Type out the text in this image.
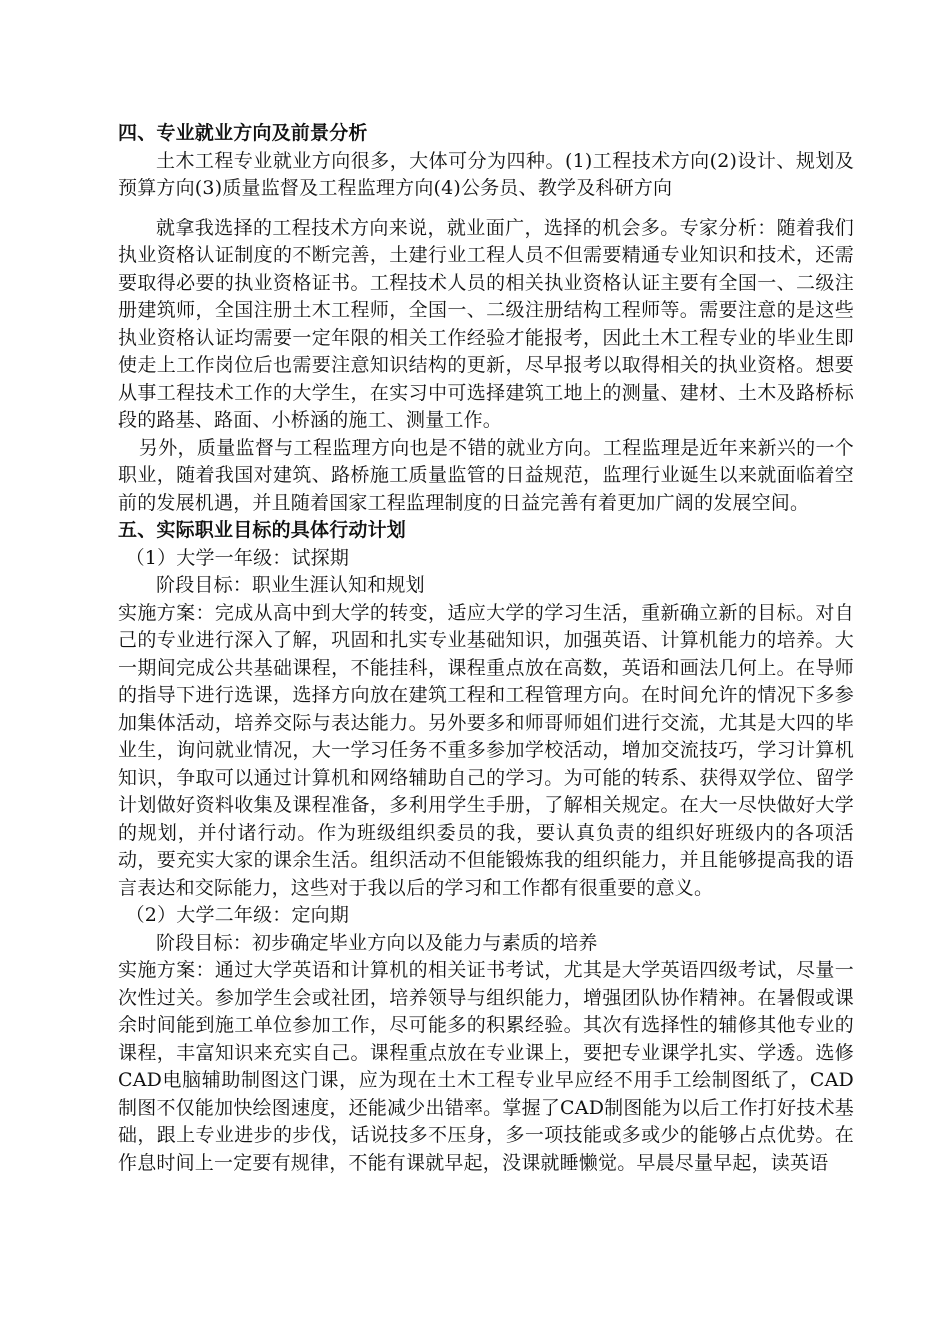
四、专业就业方向及前景分析

土木工程专业就业方向很多，大体可分为四种。(1)工程技术方向(2)设计、规划及预算方向(3)质量监督及工程监理方向(4)公务员、教学及科研方向

就拿我选择的工程技术方向来说，就业面广，选择的机会多。专家分析：随着我们执业资格认证制度的不断完善，土建行业工程人员不但需要精通专业知识和技术，还需要取得必要的执业资格证书。工程技术人员的相关执业资格认证主要有全国一、二级注册建筑师，全国注册土木工程师，全国一、二级注册结构工程师等。需要注意的是这些执业资格认证均需要一定年限的相关工作经验才能报考，因此土木工程专业的毕业生即使走上工作岗位后也需要注意知识结构的更新，尽早报考以取得相关的执业资格。想要从事工程技术工作的大学生，在实习中可选择建筑工地上的测量、建材、土木及路桥标段的路基、路面、小桥涵的施工、测量工作。

另外，质量监督与工程监理方向也是不错的就业方向。工程监理是近年来新兴的一个职业，随着我国对建筑、路桥施工质量监管的日益规范，监理行业诞生以来就面临着空前的发展机遇，并且随着国家工程监理制度的日益完善有着更加广阔的发展空间。

五、实际职业目标的具体行动计划

（1）大学一年级：试探期

阶段目标：职业生涯认知和规划

实施方案：完成从高中到大学的转变，适应大学的学习生活，重新确立新的目标。对自己的专业进行深入了解，巩固和扎实专业基础知识，加强英语、计算机能力的培养。大一期间完成公共基础课程，不能挂科，课程重点放在高数，英语和画法几何上。在导师的指导下进行选课，选择方向放在建筑工程和工程管理方向。在时间允许的情况下多参加集体活动，培养交际与表达能力。另外要多和师哥师姐们进行交流，尤其是大四的毕业生，询问就业情况，大一学习任务不重多参加学校活动，增加交流技巧，学习计算机知识，争取可以通过计算机和网络辅助自己的学习。为可能的转系、获得双学位、留学计划做好资料收集及课程准备，多利用学生手册，了解相关规定。在大一尽快做好大学的规划，并付诸行动。作为班级组织委员的我，要认真负责的组织好班级内的各项活动，要充实大家的课余生活。组织活动不但能锻炼我的组织能力，并且能够提高我的语言表达和交际能力，这些对于我以后的学习和工作都有很重要的意义。

（2）大学二年级：定向期

阶段目标：初步确定毕业方向以及能力与素质的培养

实施方案：通过大学英语和计算机的相关证书考试，尤其是大学英语四级考试，尽量一次性过关。参加学生会或社团，培养领导与组织能力，增强团队协作精神。在暑假或课余时间能到施工单位参加工作，尽可能多的积累经验。其次有选择性的辅修其他专业的课程，丰富知识来充实自己。课程重点放在专业课上，要把专业课学扎实、学透。选修CAD电脑辅助制图这门课，应为现在土木工程专业早应经不用手工绘制图纸了，CAD制图不仅能加快绘图速度，还能减少出错率。掌握了CAD制图能为以后工作打好技术基础，跟上专业进步的步伐，话说技多不压身，多一项技能或多或少的能够占点优势。在作息时间上一定要有规律，不能有课就早起，没课就睡懒觉。早晨尽量早起，读英语
